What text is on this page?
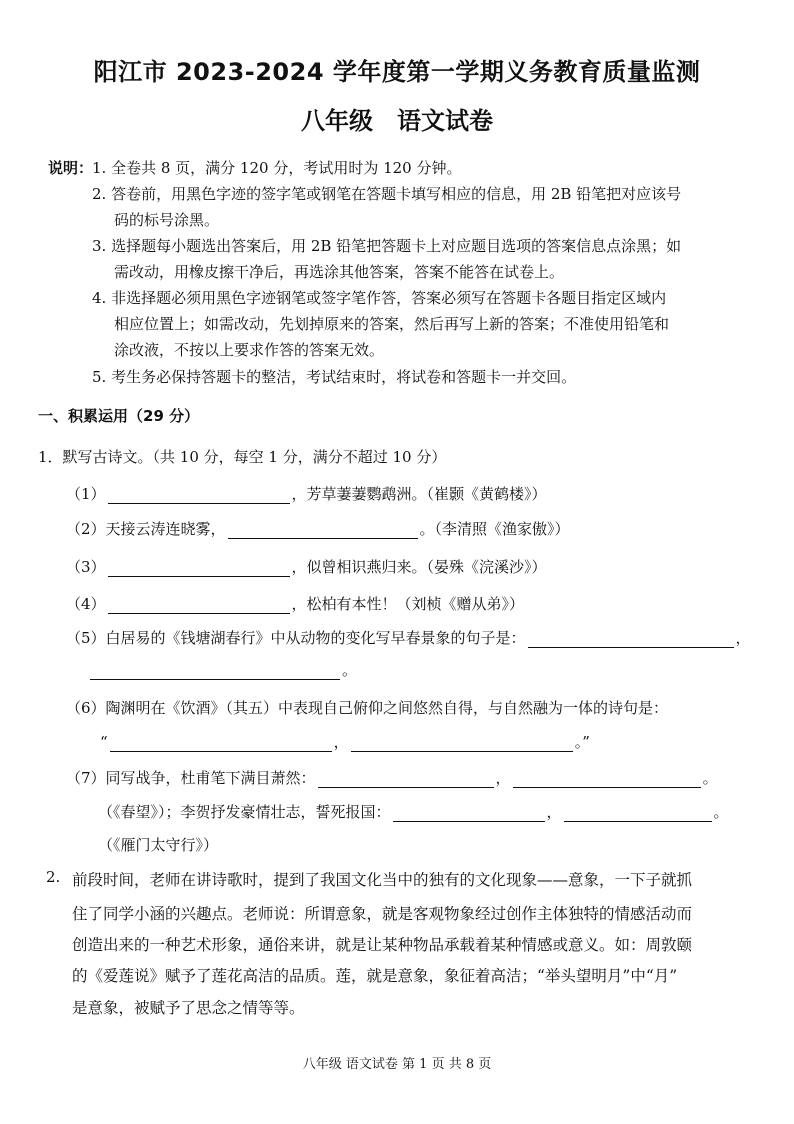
阳江市 2023-2024 学年度第一学期义务教育质量监测
八年级　语文试卷
说明：
1. 全卷共 8 页，满分 120 分，考试用时为 120 分钟。
2. 答卷前，用黑色字迹的签字笔或钢笔在答题卡填写相应的信息，用 2B 铅笔把对应该号
码的标号涂黑。
3. 选择题每小题选出答案后，用 2B 铅笔把答题卡上对应题目选项的答案信息点涂黑；如
需改动，用橡皮擦干净后，再选涂其他答案，答案不能答在试卷上。
4. 非选择题必须用黑色字迹钢笔或签字笔作答，答案必须写在答题卡各题目指定区域内
相应位置上；如需改动，先划掉原来的答案，然后再写上新的答案；不准使用铅笔和
涂改液，不按以上要求作答的答案无效。
5. 考生务必保持答题卡的整洁，考试结束时，将试卷和答题卡一并交回。
一、积累运用（29 分）
1．默写古诗文。（共 10 分，每空 1 分，满分不超过 10 分）
（1）	，芳草萋萋鹦鹉洲。（崔颢《黄鹤楼》）
（2）天接云涛连晓雾，	。（李清照《渔家傲》）
（3）	，似曾相识燕归来。（晏殊《浣溪沙》）
（4）	，松柏有本性！（刘桢《赠从弟》）
（5）白居易的《钱塘湖春行》中从动物的变化写早春景象的句子是：	，
。
（6）陶渊明在《饮酒》（其五）中表现自己俯仰之间悠然自得，与自然融为一体的诗句是：
“	，	。”
（7）同写战争，杜甫笔下满目萧然：	，	。
（《春望》）；李贺抒发豪情壮志，誓死报国：	，	。
（《雁门太守行》）
2. 前段时间，老师在讲诗歌时，提到了我国文化当中的独有的文化现象——意象，一下子就抓
住了同学小涵的兴趣点。老师说：所谓意象，就是客观物象经过创作主体独特的情感活动而
创造出来的一种艺术形象，通俗来讲，就是让某种物品承载着某种情感或意义。如：周敦颐
的《爱莲说》赋予了莲花高洁的品质。莲，就是意象，象征着高洁；“举头望明月”中“月”
是意象，被赋予了思念之情等等。
八年级 语文试卷 第 1 页 共 8 页
